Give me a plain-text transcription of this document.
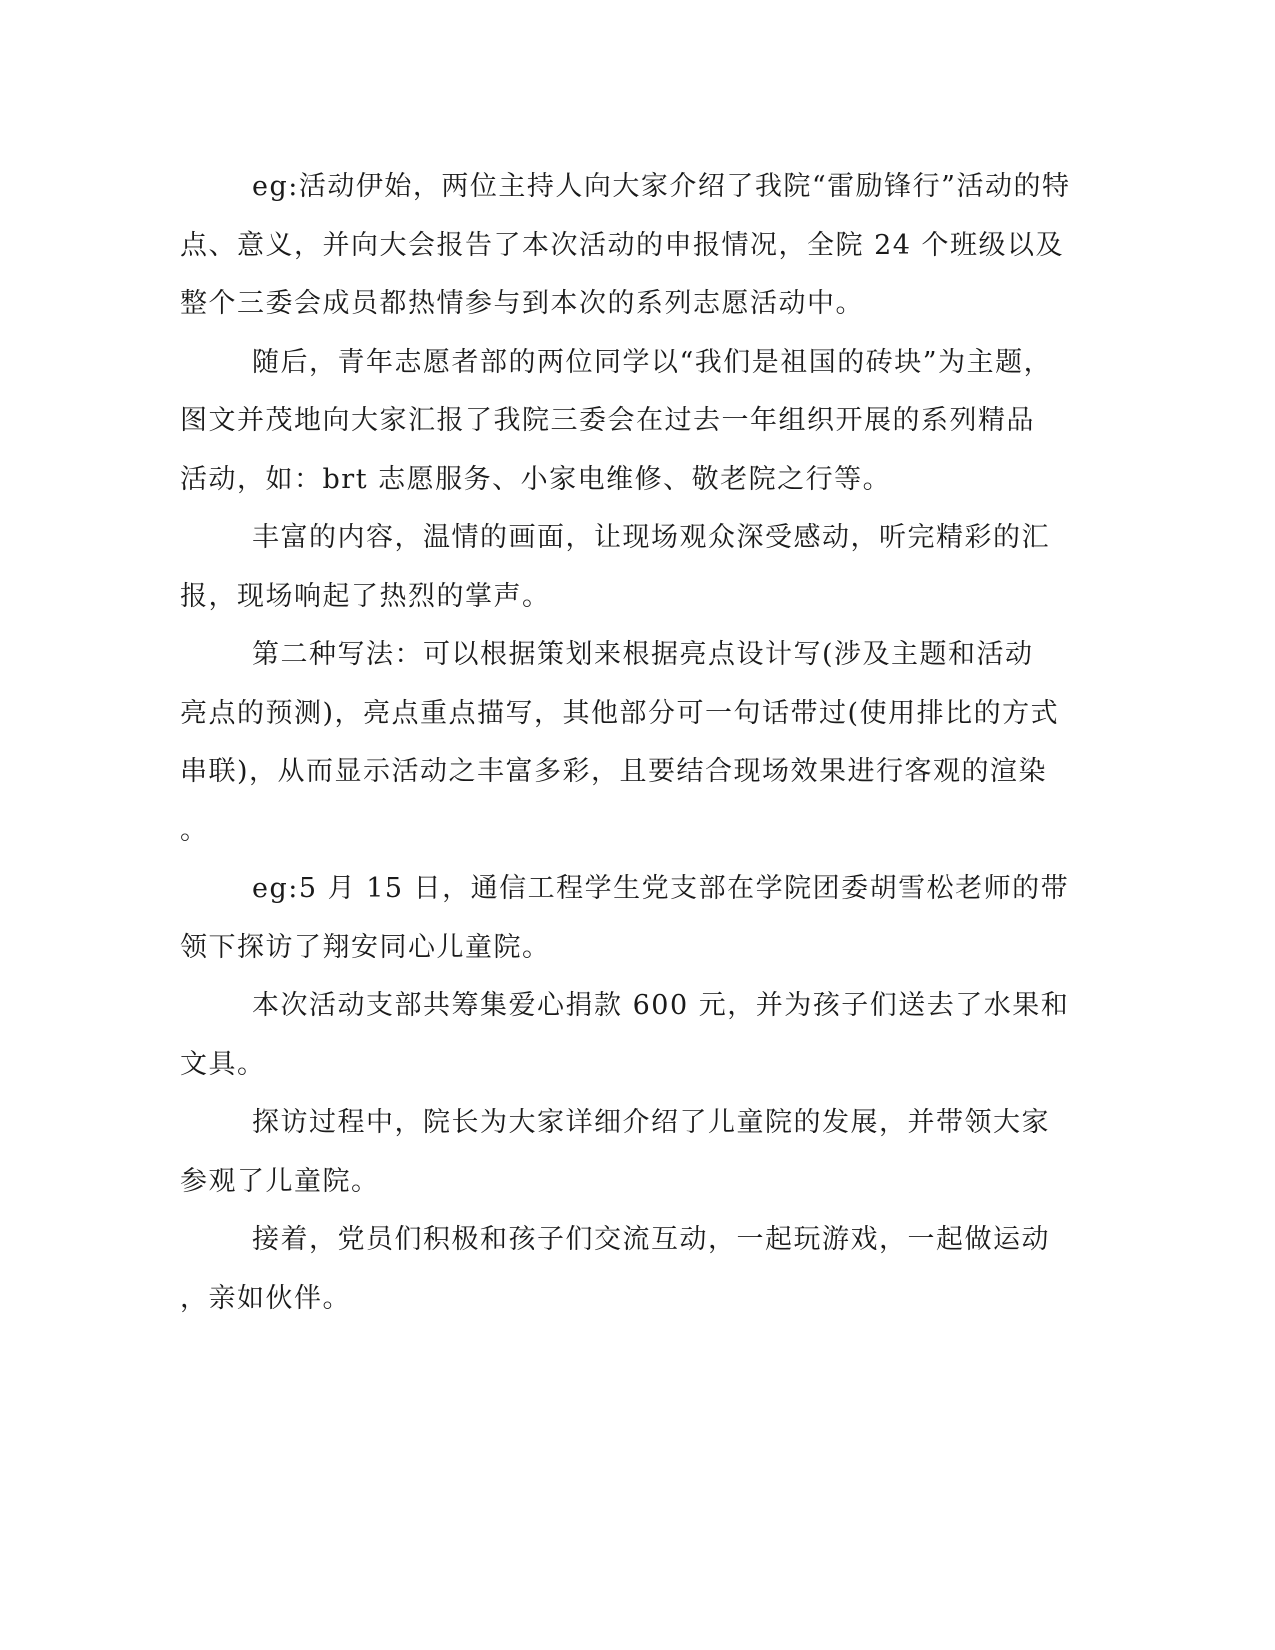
eg:活动伊始，两位主持人向大家介绍了我院“雷励锋行”活动的特
点、意义，并向大会报告了本次活动的申报情况，全院 24 个班级以及
整个三委会成员都热情参与到本次的系列志愿活动中。
随后，青年志愿者部的两位同学以“我们是祖国的砖块”为主题，
图文并茂地向大家汇报了我院三委会在过去一年组织开展的系列精品
活动，如：brt 志愿服务、小家电维修、敬老院之行等。
丰富的内容，温情的画面，让现场观众深受感动，听完精彩的汇
报，现场响起了热烈的掌声。
第二种写法：可以根据策划来根据亮点设计写(涉及主题和活动
亮点的预测)，亮点重点描写，其他部分可一句话带过(使用排比的方式
串联)，从而显示活动之丰富多彩，且要结合现场效果进行客观的渲染
。
eg:5 月 15 日，通信工程学生党支部在学院团委胡雪松老师的带
领下探访了翔安同心儿童院。
本次活动支部共筹集爱心捐款 600 元，并为孩子们送去了水果和
文具。
探访过程中，院长为大家详细介绍了儿童院的发展，并带领大家
参观了儿童院。
接着，党员们积极和孩子们交流互动，一起玩游戏，一起做运动
，亲如伙伴。
